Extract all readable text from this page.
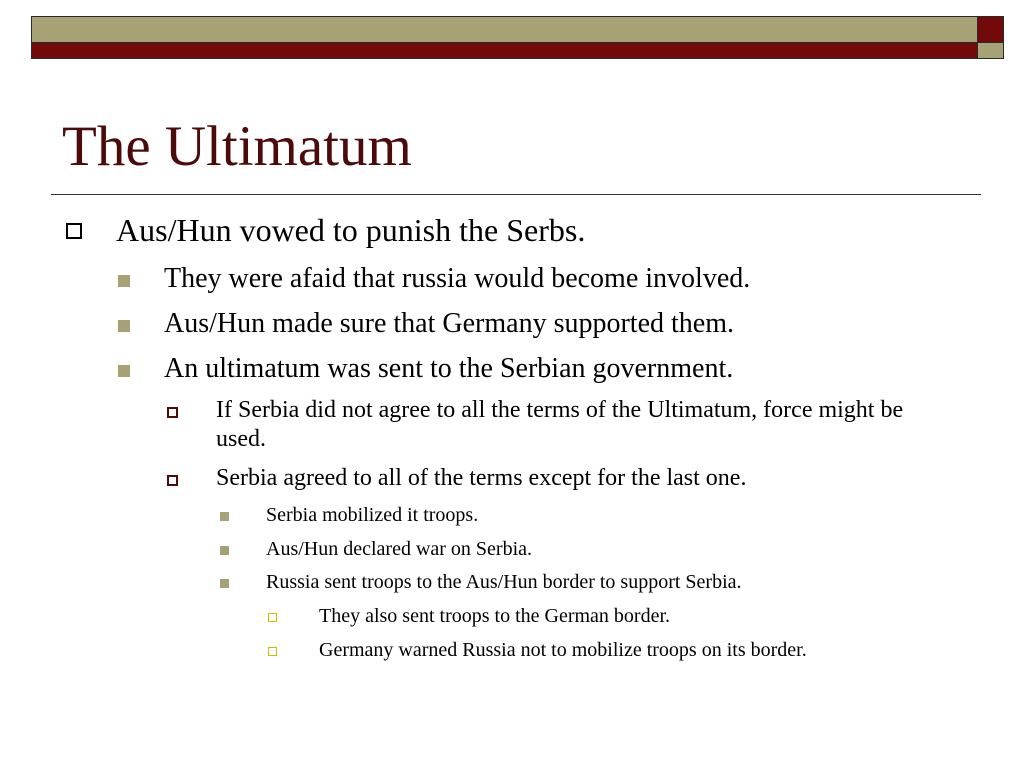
The Ultimatum
Aus/Hun vowed to punish the Serbs.
They were afaid that russia would become involved.
Aus/Hun made sure that Germany supported them.
An ultimatum was sent to the Serbian government.
If Serbia did not agree to all the terms of the Ultimatum, force might be used.
Serbia agreed to all of the terms except for the last one.
Serbia mobilized it troops.
Aus/Hun declared war on Serbia.
Russia sent troops to the Aus/Hun border to support Serbia.
They also sent troops to the German border.
Germany warned Russia not to mobilize troops on its border.
